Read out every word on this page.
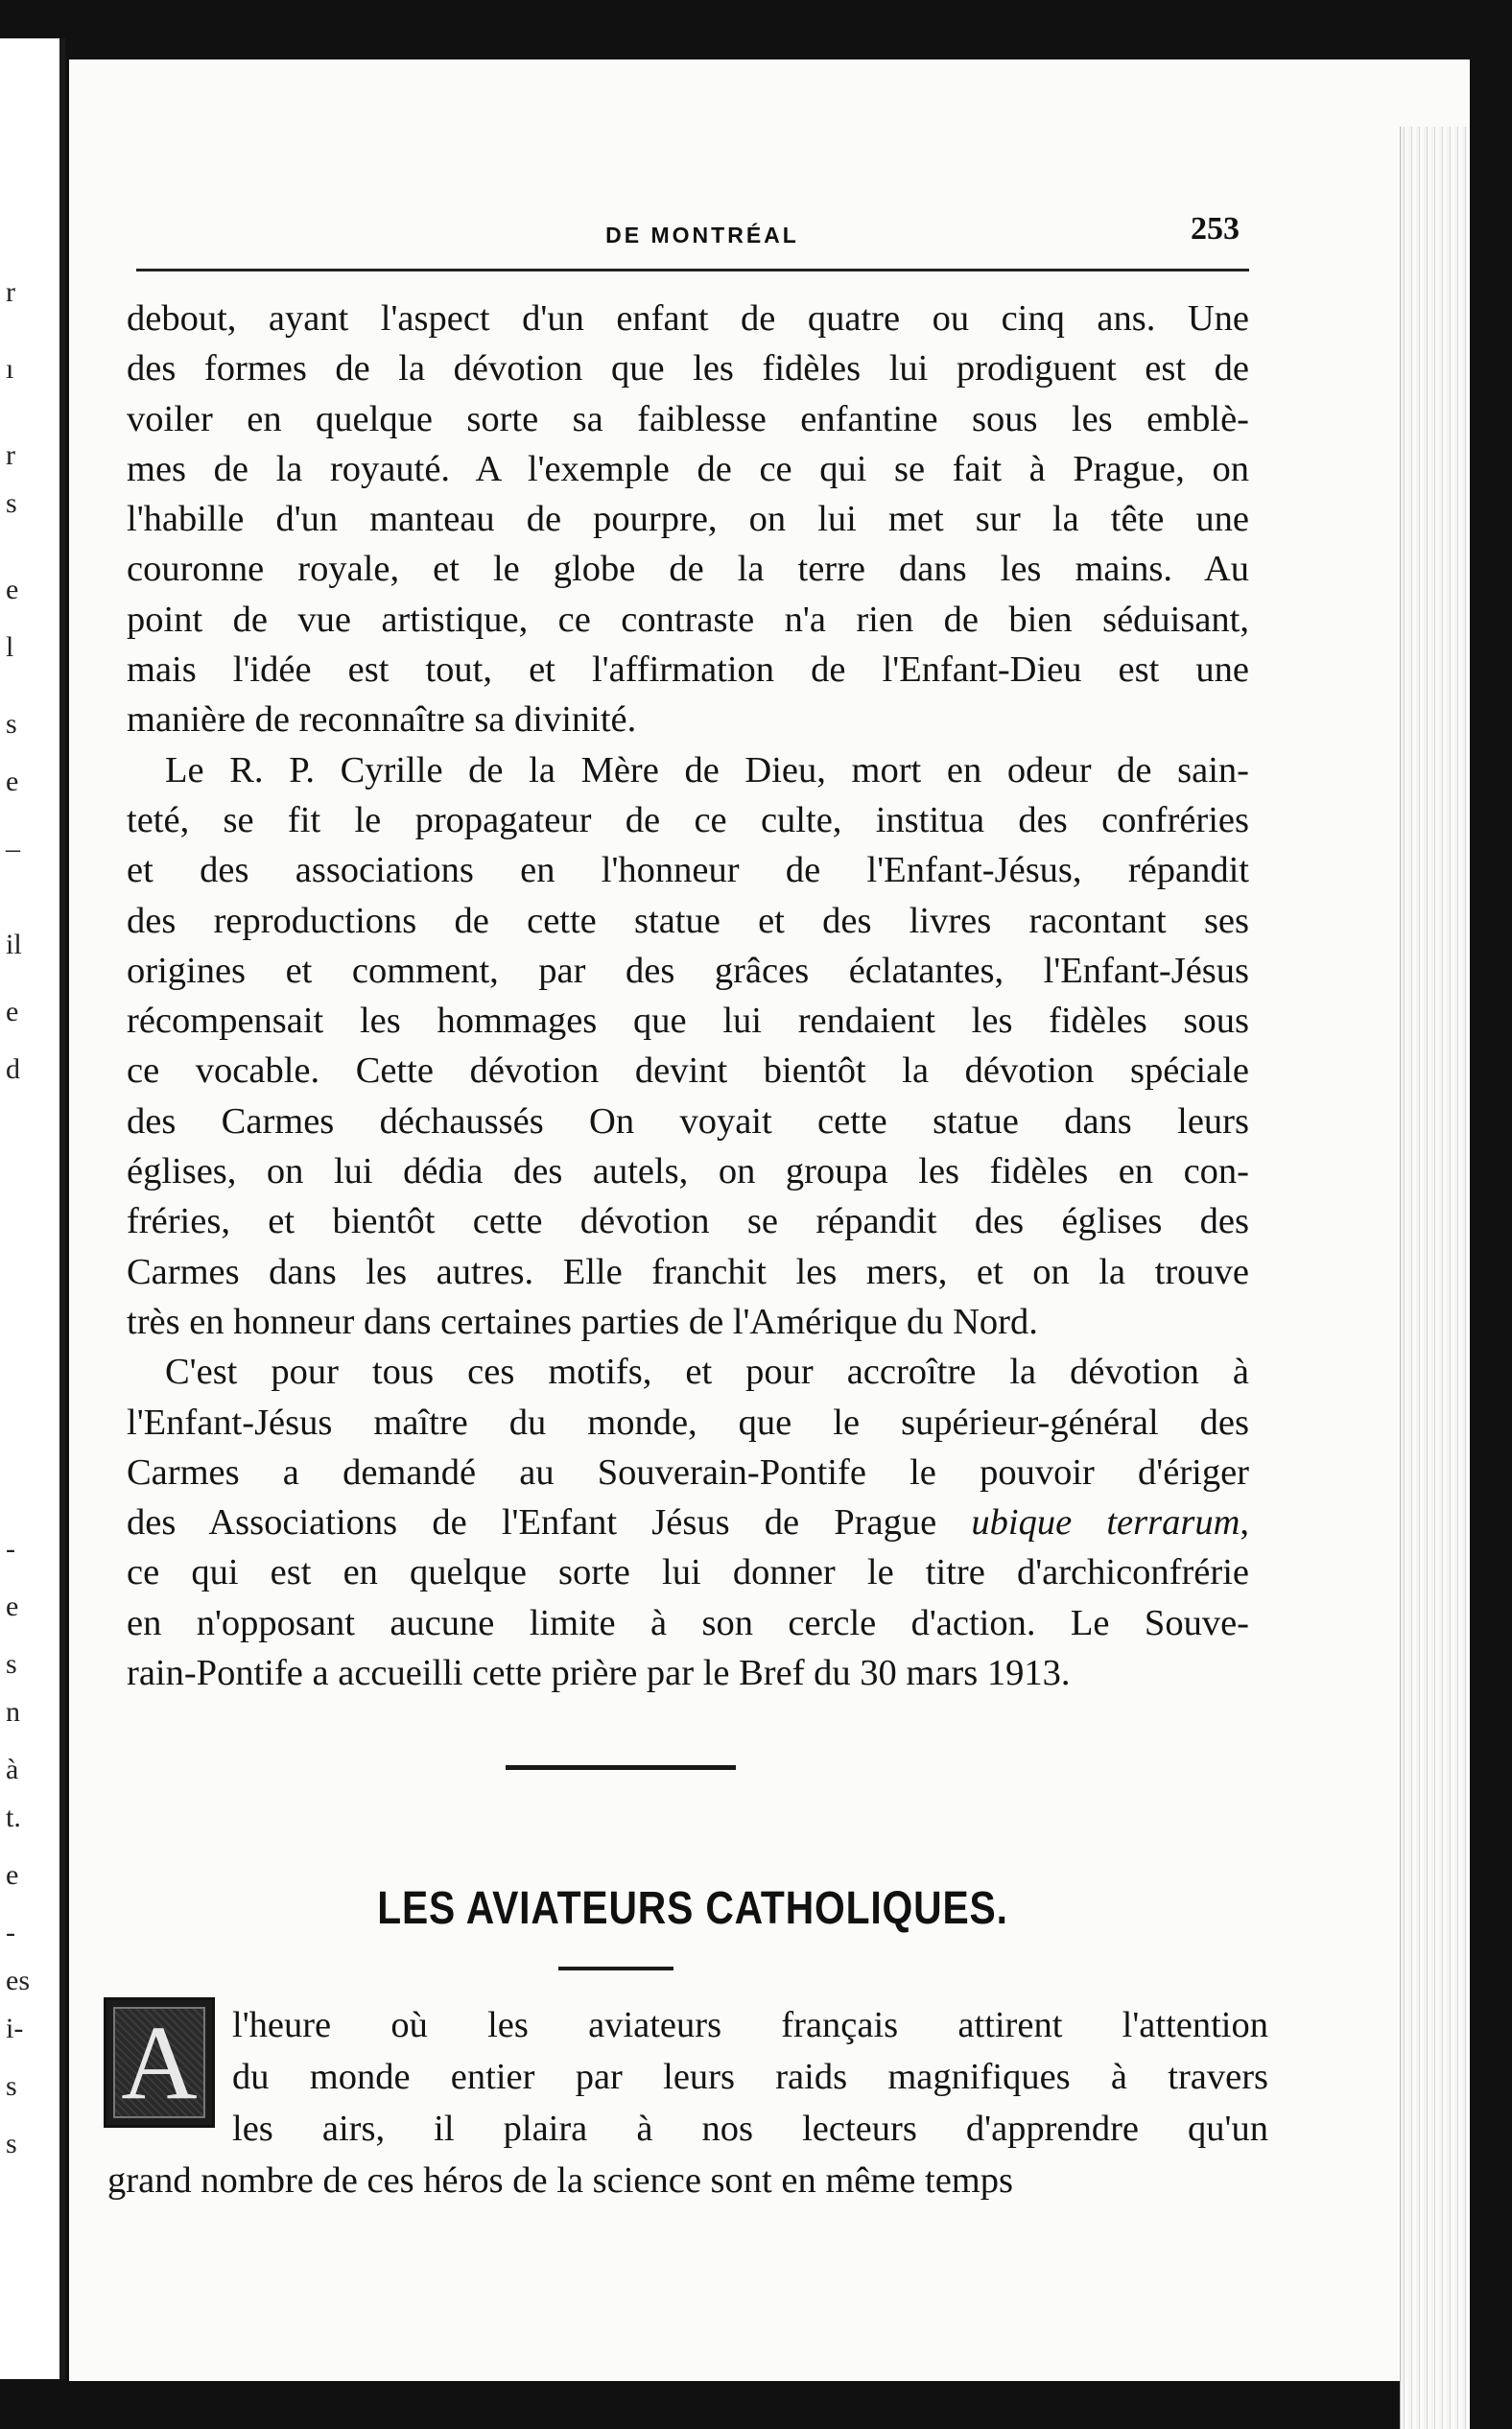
r
ı
r
s
e
l
s
e
–
il
e
d
-
e
s
n
à
t.
e
-
es
i-
s
s
DE MONTRÉAL	253

debout, ayant l'aspect d'un enfant de quatre ou cinq ans. Une
des formes de la dévotion que les fidèles lui prodiguent est de
voiler en quelque sorte sa faiblesse enfantine sous les emblè-
mes de la royauté. A l'exemple de ce qui se fait à Prague, on
l'habille d'un manteau de pourpre, on lui met sur la tête une
couronne royale, et le globe de la terre dans les mains. Au
point de vue artistique, ce contraste n'a rien de bien séduisant,
mais l'idée est tout, et l'affirmation de l'Enfant-Dieu est une
manière de reconnaître sa divinité.

Le R. P. Cyrille de la Mère de Dieu, mort en odeur de sain-
teté, se fit le propagateur de ce culte, institua des confréries
et des associations en l'honneur de l'Enfant-Jésus, répandit
des reproductions de cette statue et des livres racontant ses
origines et comment, par des grâces éclatantes, l'Enfant-Jésus
récompensait les hommages que lui rendaient les fidèles sous
ce vocable. Cette dévotion devint bientôt la dévotion spéciale
des Carmes déchaussés On voyait cette statue dans leurs
églises, on lui dédia des autels, on groupa les fidèles en con-
fréries, et bientôt cette dévotion se répandit des églises des
Carmes dans les autres. Elle franchit les mers, et on la trouve
très en honneur dans certaines parties de l'Amérique du Nord.

C'est pour tous ces motifs, et pour accroître la dévotion à
l'Enfant-Jésus maître du monde, que le supérieur-général des
Carmes a demandé au Souverain-Pontife le pouvoir d'ériger
des Associations de l'Enfant Jésus de Prague ubique terrarum,
ce qui est en quelque sorte lui donner le titre d'archiconfrérie
en n'opposant aucune limite à son cercle d'action. Le Souve-
rain-Pontife a accueilli cette prière par le Bref du 30 mars 1913.

LES AVIATEURS CATHOLIQUES.
A l'heure où les aviateurs français attirent l'attention
du monde entier par leurs raids magnifiques à travers
les airs, il plaira à nos lecteurs d'apprendre qu'un
grand nombre de ces héros de la science sont en même temps
